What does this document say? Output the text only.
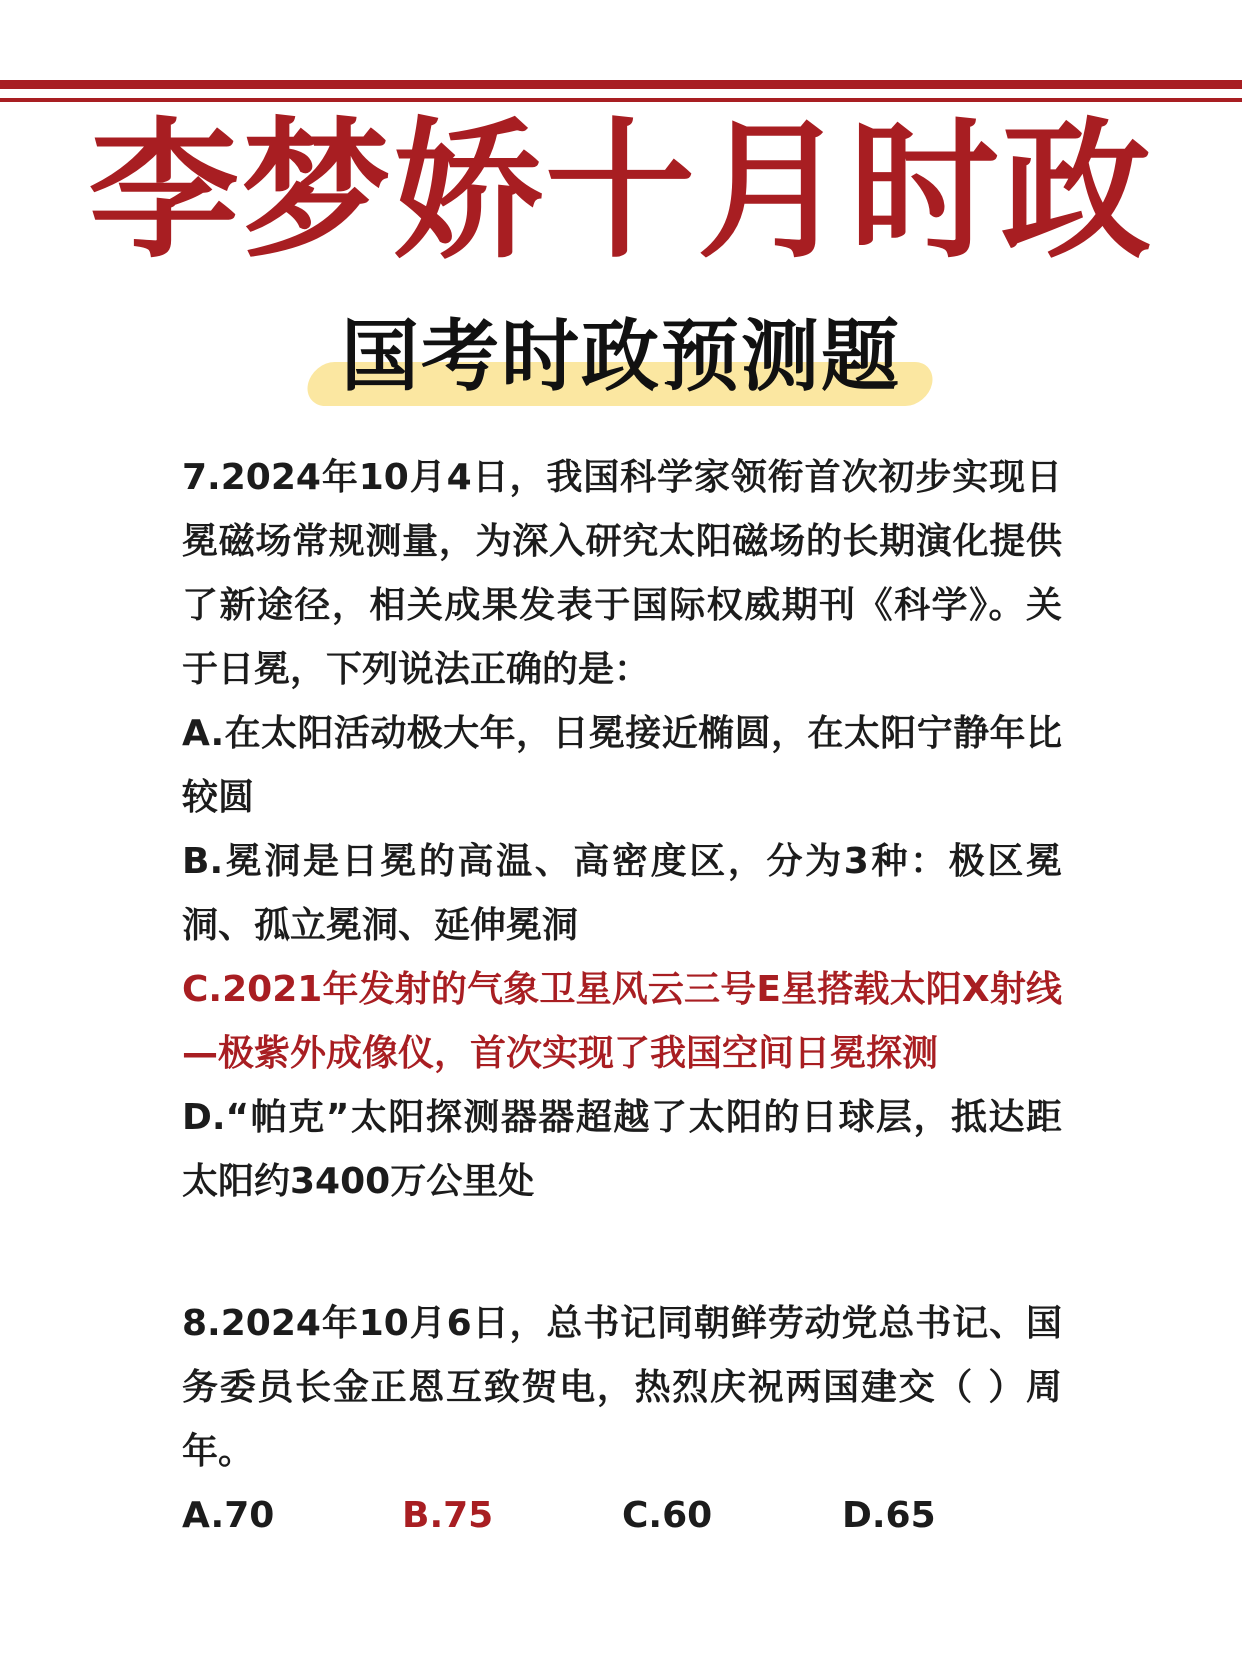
李梦娇十月时政
国考时政预测题

7.2024年10月4日，我国科学家领衔首次初步实现日冕磁场常规测量，为深入研究太阳磁场的长期演化提供了新途径，相关成果发表于国际权威期刊《科学》。关于日冕，下列说法正确的是：

A.在太阳活动极大年，日冕接近椭圆，在太阳宁静年比较圆

B.冕洞是日冕的高温、高密度区，分为3种：极区冕洞、孤立冕洞、延伸冕洞

C.2021年发射的气象卫星风云三号E星搭载太阳X射线—极紫外成像仪，首次实现了我国空间日冕探测

D.“帕克”太阳探测器器超越了太阳的日球层，抵达距太阳约3400万公里处

8.2024年10月6日，总书记同朝鲜劳动党总书记、国务委员长金正恩互致贺电，热烈庆祝两国建交（ ）周年。

A.70	B.75	C.60	D.65
